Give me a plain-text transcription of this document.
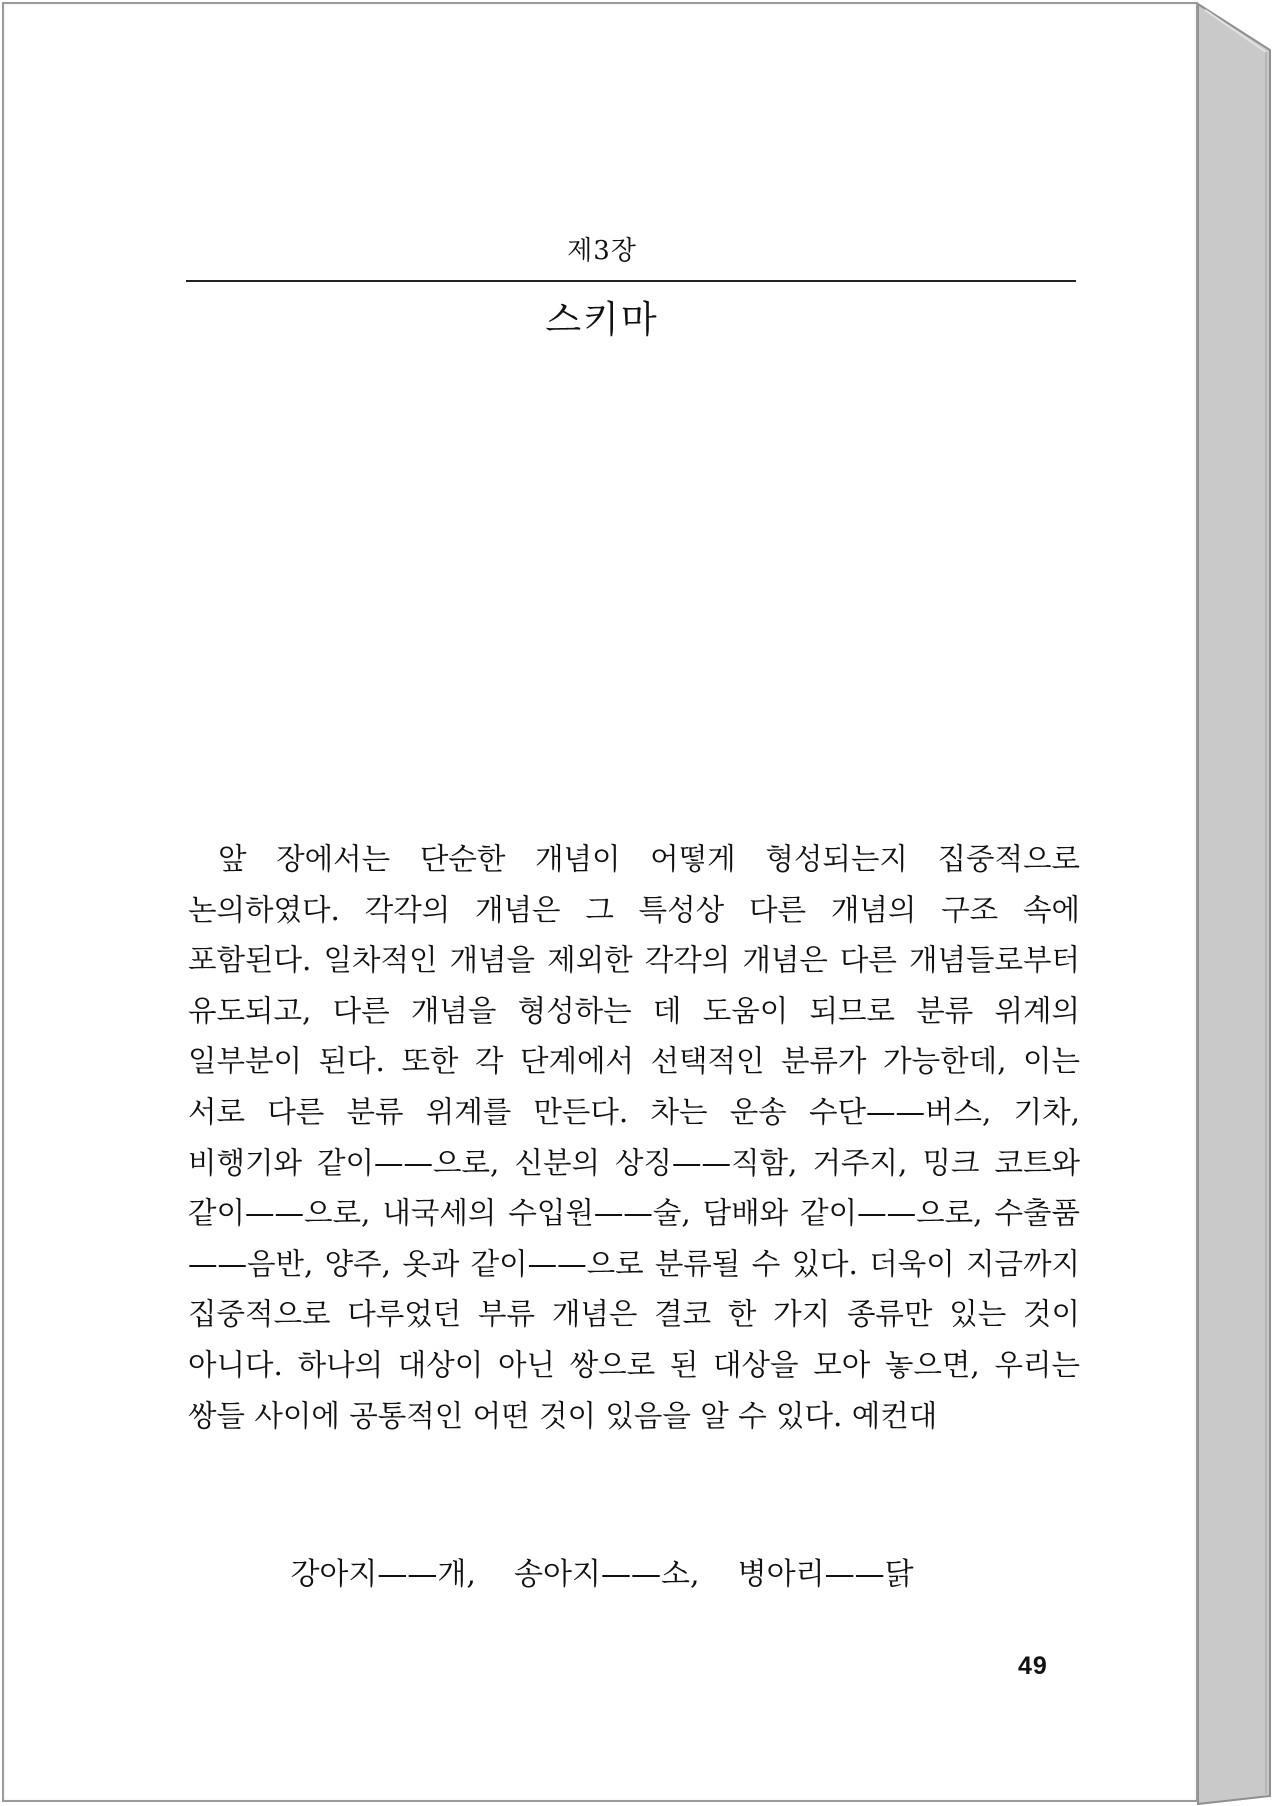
제3장
스키마

앞 장에서는 단순한 개념이 어떻게 형성되는지 집중적으로 논의하였다. 각각의 개념은 그 특성상 다른 개념의 구조 속에 포함된다. 일차적인 개념을 제외한 각각의 개념은 다른 개념들로부터 유도되고, 다른 개념을 형성하는 데 도움이 되므로 분류 위계의 일부분이 된다. 또한 각 단계에서 선택적인 분류가 가능한데, 이는 서로 다른 분류 위계를 만든다. 차는 운송 수단——버스, 기차, 비행기와 같이——으로, 신분의 상징——직함, 거주지, 밍크 코트와 같이——으로, 내국세의 수입원——술, 담배와 같이——으로, 수출품——음반, 양주, 옷과 같이——으로 분류될 수 있다. 더욱이 지금까지 집중적으로 다루었던 부류 개념은 결코 한 가지 종류만 있는 것이 아니다. 하나의 대상이 아닌 쌍으로 된 대상을 모아 놓으면, 우리는 쌍들 사이에 공통적인 어떤 것이 있음을 알 수 있다. 예컨대

강아지——개,    송아지——소,    병아리——닭
49
